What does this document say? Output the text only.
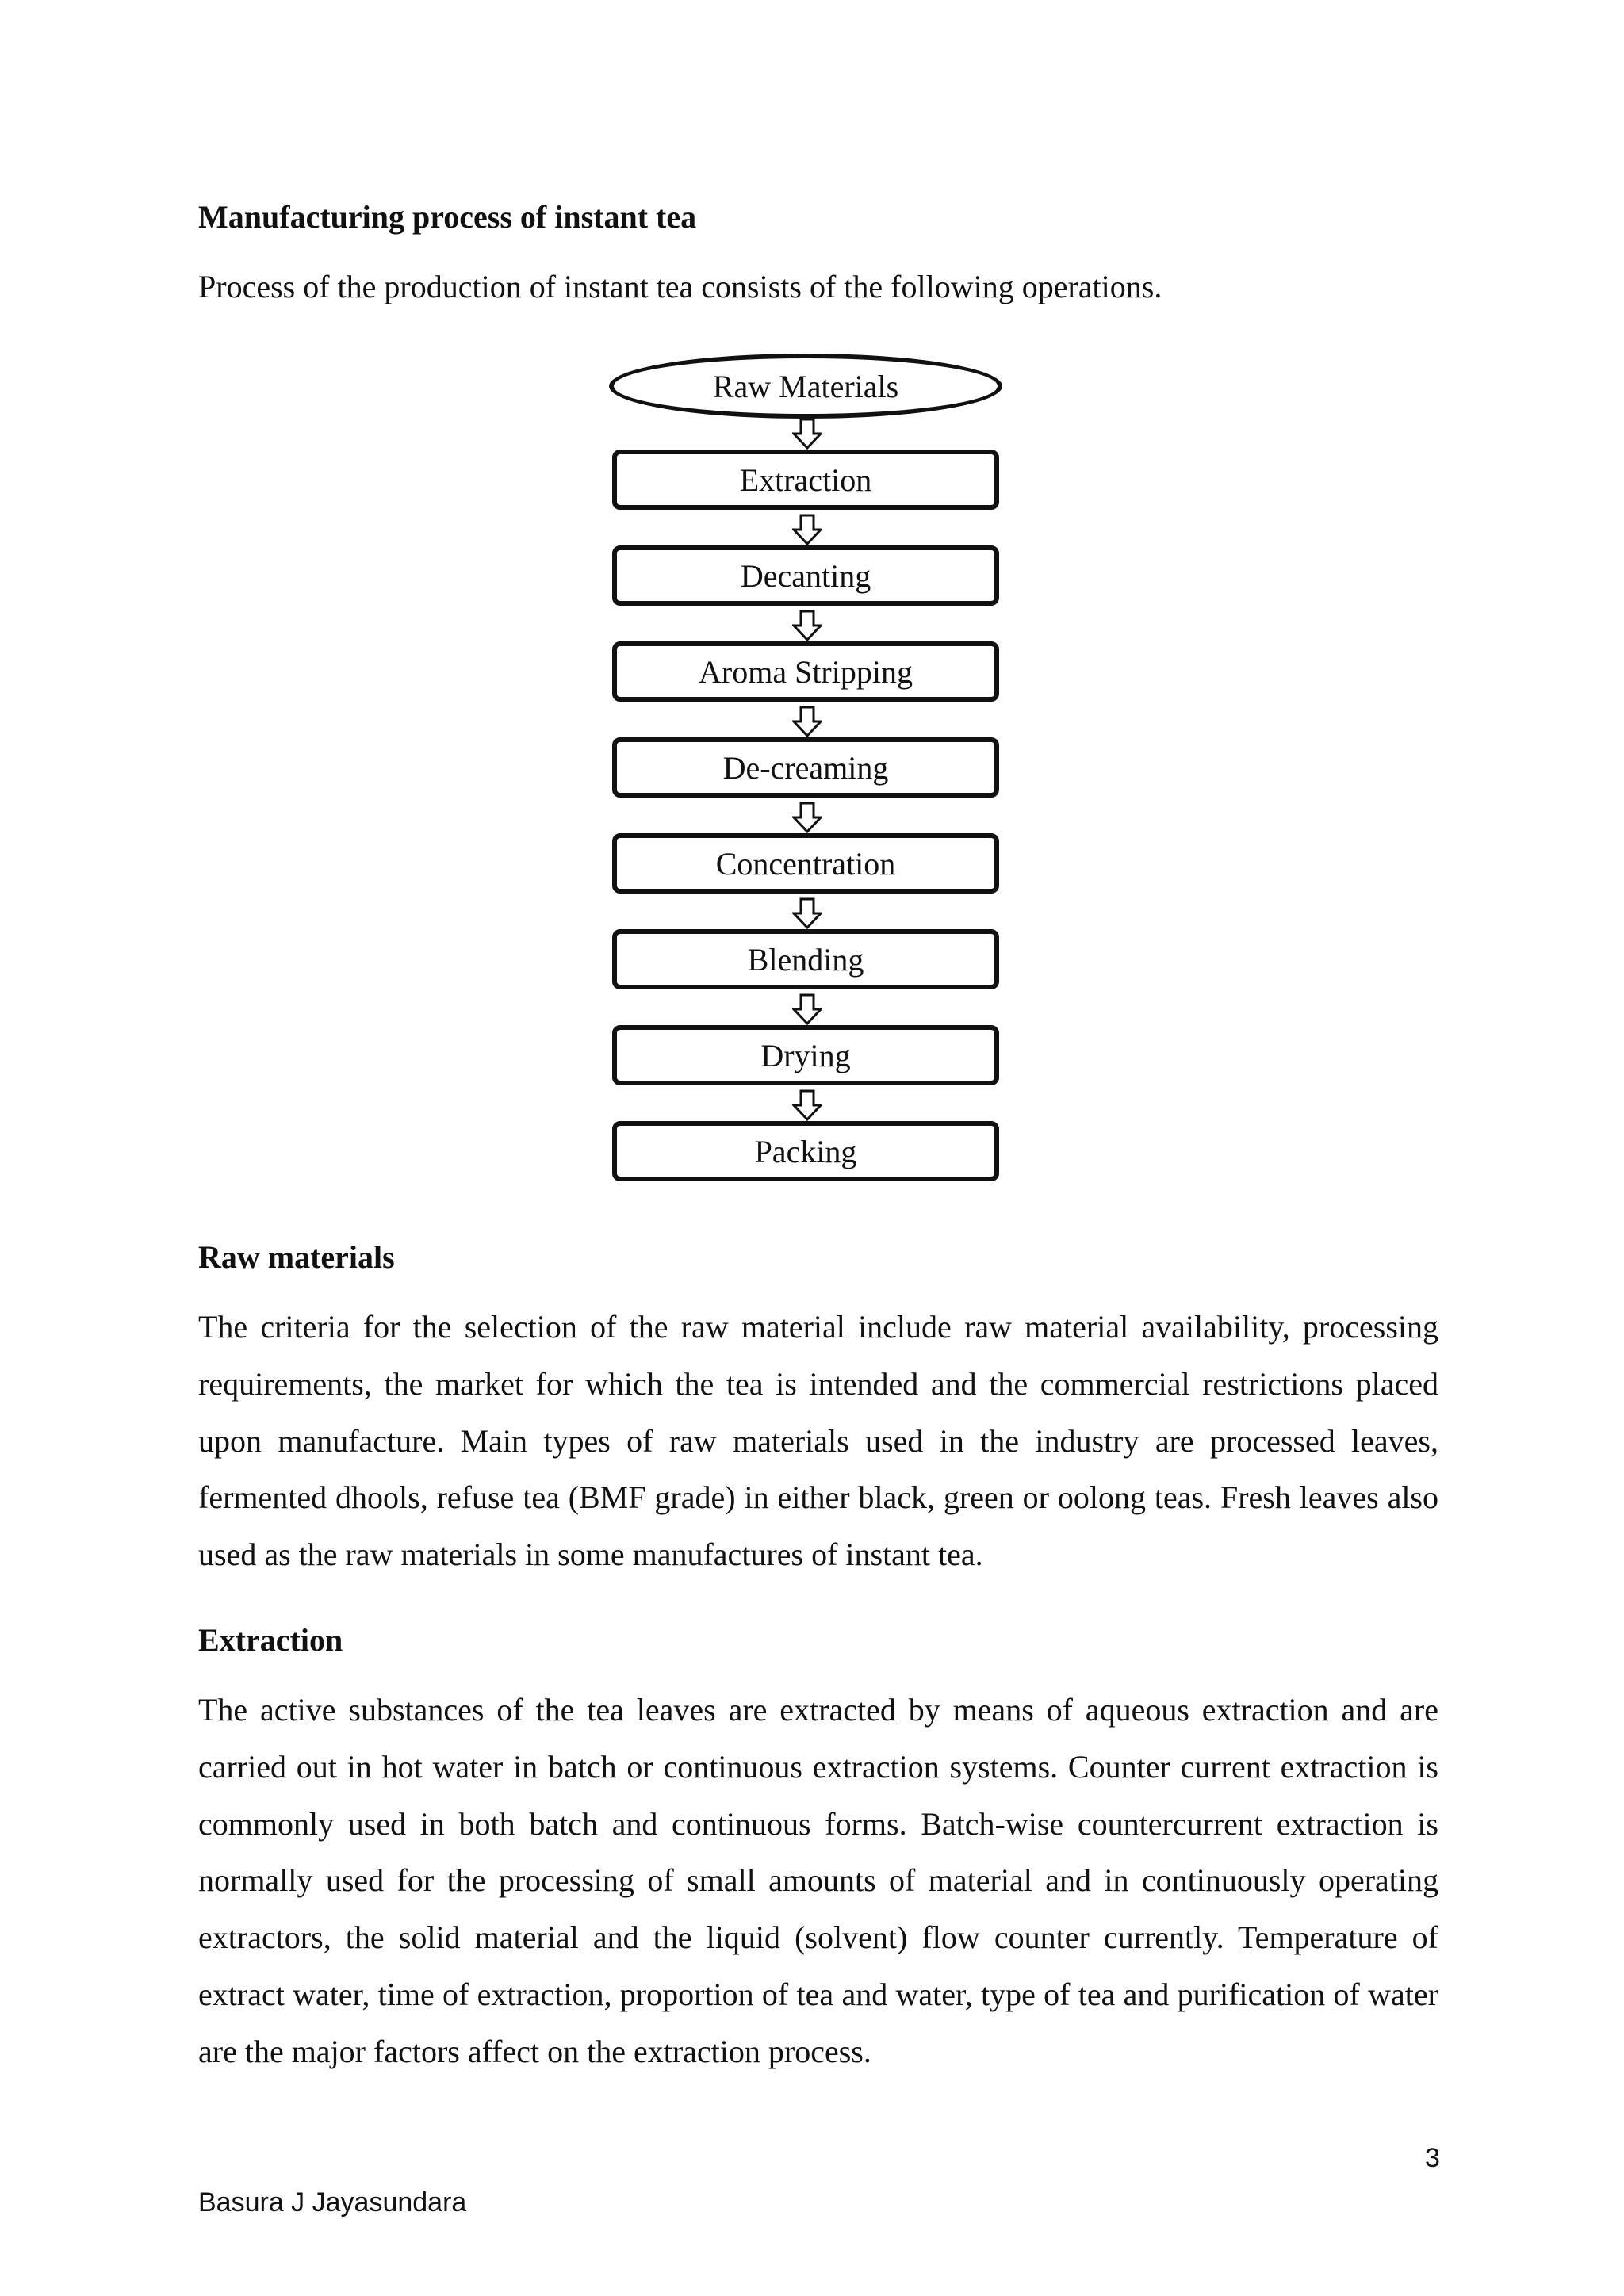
Manufacturing process of instant tea

Process of the production of instant tea consists of the following operations.

Raw Materials
Extraction
Decanting
Aroma Stripping
De-creaming
Concentration
Blending
Drying
Packing
Raw materials

The criteria for the selection of the raw material include raw material availability, processing requirements, the market for which the tea is intended and the commercial restrictions placed upon manufacture. Main types of raw materials used in the industry are processed leaves, fermented dhools, refuse tea (BMF grade) in either black, green or oolong teas. Fresh leaves also used as the raw materials in some manufactures of instant tea.

Extraction

The active substances of the tea leaves are extracted by means of aqueous extraction and are carried out in hot water in batch or continuous extraction systems. Counter current extraction is commonly used in both batch and continuous forms. Batch-wise countercurrent extraction is normally used for the processing of small amounts of material and in continuously operating extractors, the solid material and the liquid (solvent) flow counter currently. Temperature of extract water, time of extraction, proportion of tea and water, type of tea and purification of water are the major factors affect on the extraction process.

3
Basura J Jayasundara
